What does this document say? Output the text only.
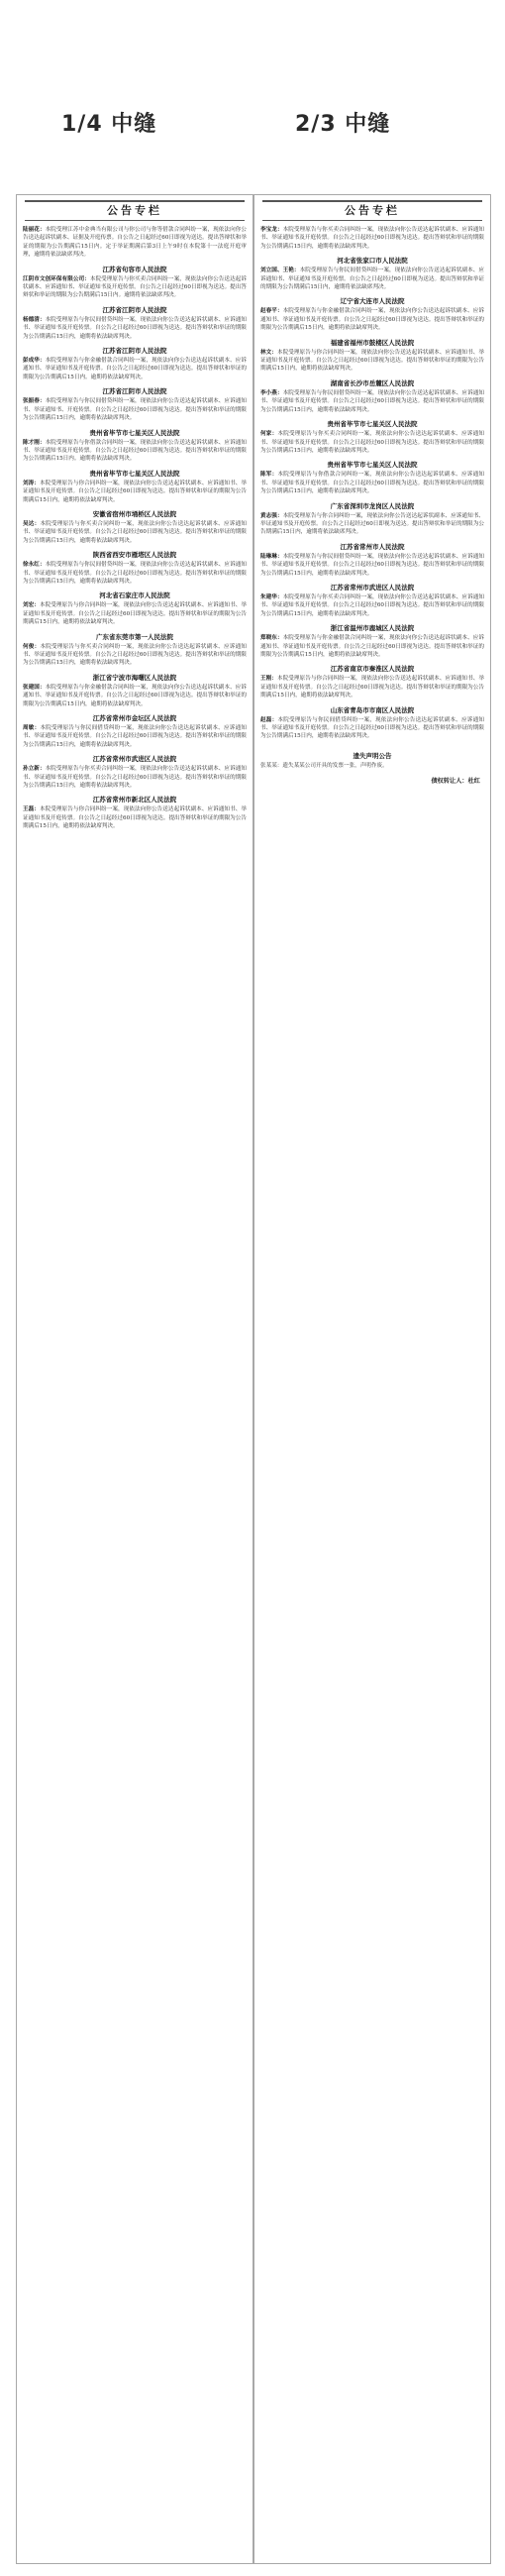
1/4 中缝	2/3 中缝
公告专栏
陆丽花：本院受理江苏中金典当有限公司与你公司与你等借款合同纠纷一案，现依法向你公告送达起诉状副本、证据及开庭传票。自公告之日起经过60日即视为送达。提出答辩状和举证的期限为公告期满后15日内。定于举证期满后第3日上午9时在本院第十一法庭开庭审理，逾期将依法缺席判决。
江苏省句容市人民法院
江阴市文创环保有限公司：本院受理原告与你买卖合同纠纷一案，现依法向你公告送达起诉状副本、应诉通知书、举证通知书及开庭传票。自公告之日起经过60日即视为送达。提出答辩状和举证的期限为公告期满后15日内。逾期将依法缺席判决。
江苏省江阴市人民法院
杨德清：本院受理原告与你民间借贷纠纷一案，现依法向你公告送达起诉状副本、应诉通知书、举证通知书及开庭传票。自公告之日起经过60日即视为送达。提出答辩状和举证的期限为公告期满后15日内，逾期将依法缺席判决。
江苏省江阴市人民法院
彭成华：本院受理原告与你金融借款合同纠纷一案，现依法向你公告送达起诉状副本、应诉通知书、举证通知书及开庭传票。自公告之日起经过60日即视为送达。提出答辩状和举证的期限为公告期满后15日内。逾期将依法缺席判决。
江苏省江阴市人民法院
张振春：本院受理原告与你民间借贷纠纷一案，现依法向你公告送达起诉状副本、应诉通知书、举证通知书、开庭传票。自公告之日起经过60日即视为送达。提出答辩状和举证的期限为公告期满后15日内，逾期将依法缺席判决。
贵州省毕节市七星关区人民法院
陈才刚：本院受理原告与你借款合同纠纷一案，现依法向你公告送达起诉状副本、应诉通知书、举证通知书及开庭传票。自公告之日起经过60日即视为送达。提出答辩状和举证的期限为公告期满后15日内。逾期将依法缺席判决。
贵州省毕节市七星关区人民法院
刘涛：本院受理原告与你合同纠纷一案，现依法向你公告送达起诉状副本、应诉通知书、举证通知书及开庭传票。自公告之日起经过60日即视为送达。提出答辩状和举证的期限为公告期满后15日内，逾期将依法缺席判决。
安徽省宿州市埇桥区人民法院
吴达：本院受理原告与你买卖合同纠纷一案，现依法向你公告送达起诉状副本、应诉通知书、举证通知书及开庭传票。自公告之日起经过60日即视为送达。提出答辩状和举证的期限为公告期满后15日内，逾期将依法缺席判决。
陕西省西安市雁塔区人民法院
徐永红：本院受理原告与你民间借贷纠纷一案，现依法向你公告送达起诉状副本、应诉通知书、举证通知书及开庭传票。自公告之日起经过60日即视为送达。提出答辩状和举证的期限为公告期满后15日内，逾期将依法缺席判决。
河北省石家庄市人民法院
刘宏：本院受理原告与你合同纠纷一案，现依法向你公告送达起诉状副本、应诉通知书、举证通知书及开庭传票。自公告之日起经过60日即视为送达。提出答辩状和举证的期限为公告期满后15日内，逾期将依法缺席判决。
广东省东莞市第一人民法院
何俊：本院受理原告与你买卖合同纠纷一案，现依法向你公告送达起诉状副本、应诉通知书、举证通知书及开庭传票。自公告之日起经过60日即视为送达。提出答辩状和举证的期限为公告期满后15日内，逾期将依法缺席判决。
浙江省宁波市海曙区人民法院
张建国：本院受理原告与你金融借款合同纠纷一案，现依法向你公告送达起诉状副本、应诉通知书、举证通知书及开庭传票。自公告之日起经过60日即视为送达。提出答辩状和举证的期限为公告期满后15日内，逾期将依法缺席判决。
江苏省常州市金坛区人民法院
周敏：本院受理原告与你民间借贷纠纷一案，现依法向你公告送达起诉状副本、应诉通知书、举证通知书及开庭传票。自公告之日起经过60日即视为送达。提出答辩状和举证的期限为公告期满后15日内，逾期将依法缺席判决。
江苏省常州市武进区人民法院
孙立新：本院受理原告与你买卖合同纠纷一案，现依法向你公告送达起诉状副本、应诉通知书、举证通知书及开庭传票。自公告之日起经过60日即视为送达。提出答辩状和举证的期限为公告期满后15日内，逾期将依法缺席判决。
江苏省常州市新北区人民法院
王磊：本院受理原告与你合同纠纷一案，现依法向你公告送达起诉状副本、应诉通知书、举证通知书及开庭传票。自公告之日起经过60日即视为送达。提出答辩状和举证的期限为公告期满后15日内，逾期将依法缺席判决。
公告专栏
李宝龙：本院受理原告与你买卖合同纠纷一案，现依法向你公告送达起诉状副本、应诉通知书、举证通知书及开庭传票。自公告之日起经过60日即视为送达。提出答辩状和举证的期限为公告期满后15日内，逾期将依法缺席判决。
河北省张家口市人民法院
刘立国、王艳：本院受理原告与你民间借贷纠纷一案，现依法向你公告送达起诉状副本、应诉通知书、举证通知书及开庭传票。自公告之日起经过60日即视为送达。提出答辩状和举证的期限为公告期满后15日内，逾期将依法缺席判决。
辽宁省大连市人民法院
赵春平：本院受理原告与你金融借款合同纠纷一案，现依法向你公告送达起诉状副本、应诉通知书、举证通知书及开庭传票。自公告之日起经过60日即视为送达。提出答辩状和举证的期限为公告期满后15日内，逾期将依法缺席判决。
福建省福州市鼓楼区人民法院
林文：本院受理原告与你合同纠纷一案，现依法向你公告送达起诉状副本、应诉通知书、举证通知书及开庭传票。自公告之日起经过60日即视为送达。提出答辩状和举证的期限为公告期满后15日内，逾期将依法缺席判决。
湖南省长沙市岳麓区人民法院
李小燕：本院受理原告与你民间借贷纠纷一案，现依法向你公告送达起诉状副本、应诉通知书、举证通知书及开庭传票。自公告之日起经过60日即视为送达。提出答辩状和举证的期限为公告期满后15日内，逾期将依法缺席判决。
贵州省毕节市七星关区人民法院
何家：本院受理原告与你买卖合同纠纷一案，现依法向你公告送达起诉状副本、应诉通知书、举证通知书及开庭传票。自公告之日起经过60日即视为送达。提出答辩状和举证的期限为公告期满后15日内，逾期将依法缺席判决。
贵州省毕节市七星关区人民法院
陈军：本院受理原告与你借款合同纠纷一案，现依法向你公告送达起诉状副本、应诉通知书、举证通知书及开庭传票。自公告之日起经过60日即视为送达。提出答辩状和举证的期限为公告期满后15日内，逾期将依法缺席判决。
广东省深圳市龙岗区人民法院
黄志强：本院受理原告与你合同纠纷一案，现依法向你公告送达起诉状副本、应诉通知书、举证通知书及开庭传票。自公告之日起经过60日即视为送达。提出答辩状和举证的期限为公告期满后15日内，逾期将依法缺席判决。
江苏省常州市人民法院
陆琳琳：本院受理原告与你民间借贷纠纷一案，现依法向你公告送达起诉状副本、应诉通知书、举证通知书及开庭传票。自公告之日起经过60日即视为送达。提出答辩状和举证的期限为公告期满后15日内，逾期将依法缺席判决。
江苏省常州市武进区人民法院
朱建华：本院受理原告与你买卖合同纠纷一案，现依法向你公告送达起诉状副本、应诉通知书、举证通知书及开庭传票。自公告之日起经过60日即视为送达。提出答辩状和举证的期限为公告期满后15日内，逾期将依法缺席判决。
浙江省温州市鹿城区人民法院
郑晓东：本院受理原告与你金融借款合同纠纷一案，现依法向你公告送达起诉状副本、应诉通知书、举证通知书及开庭传票。自公告之日起经过60日即视为送达。提出答辩状和举证的期限为公告期满后15日内，逾期将依法缺席判决。
江苏省南京市秦淮区人民法院
王刚：本院受理原告与你合同纠纷一案，现依法向你公告送达起诉状副本、应诉通知书、举证通知书及开庭传票。自公告之日起经过60日即视为送达。提出答辩状和举证的期限为公告期满后15日内，逾期将依法缺席判决。
山东省青岛市市南区人民法院
赵磊：本院受理原告与你民间借贷纠纷一案，现依法向你公告送达起诉状副本、应诉通知书、举证通知书及开庭传票。自公告之日起经过60日即视为送达。提出答辩状和举证的期限为公告期满后15日内，逾期将依法缺席判决。
遗失声明公告
张某某：遗失某某公司开具的发票一张，声明作废。
债权转让人：杜红
